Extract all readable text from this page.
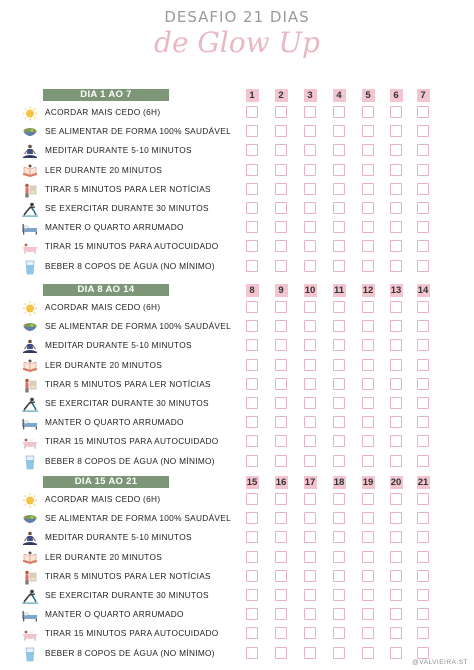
DESAFIO 21 DIAS
de Glow Up
DIA 1 AO 7	1	2	3	4	5	6	7
ACORDAR MAIS CEDO (6H)
SE ALIMENTAR DE FORMA 100% SAUDÁVEL
MEDITAR DURANTE 5-10 MINUTOS
LER DURANTE 20 MINUTOS
TIRAR 5 MINUTOS PARA LER NOTÍCIAS
SE EXERCITAR DURANTE 30 MINUTOS
MANTER O QUARTO ARRUMADO
TIRAR 15 MINUTOS PARA AUTOCUIDADO
BEBER 8 COPOS DE ÁGUA (NO MÍNIMO)
DIA 8 AO 14	8	9	10 11 12 13 14
ACORDAR MAIS CEDO (6H)
SE ALIMENTAR DE FORMA 100% SAUDÁVEL
MEDITAR DURANTE 5-10 MINUTOS
LER DURANTE 20 MINUTOS
TIRAR 5 MINUTOS PARA LER NOTÍCIAS
SE EXERCITAR DURANTE 30 MINUTOS
MANTER O QUARTO ARRUMADO
TIRAR 15 MINUTOS PARA AUTOCUIDADO
BEBER 8 COPOS DE ÁGUA (NO MÍNIMO)
DIA 15 AO 21	15 16 17 18 19 20 21
ACORDAR MAIS CEDO (6H)
SE ALIMENTAR DE FORMA 100% SAUDÁVEL
MEDITAR DURANTE 5-10 MINUTOS
LER DURANTE 20 MINUTOS
TIRAR 5 MINUTOS PARA LER NOTÍCIAS
SE EXERCITAR DURANTE 30 MINUTOS
MANTER O QUARTO ARRUMADO
TIRAR 15 MINUTOS PARA AUTOCUIDADO
BEBER 8 COPOS DE ÁGUA (NO MÍNIMO)
@VALVIEIRA.ST
